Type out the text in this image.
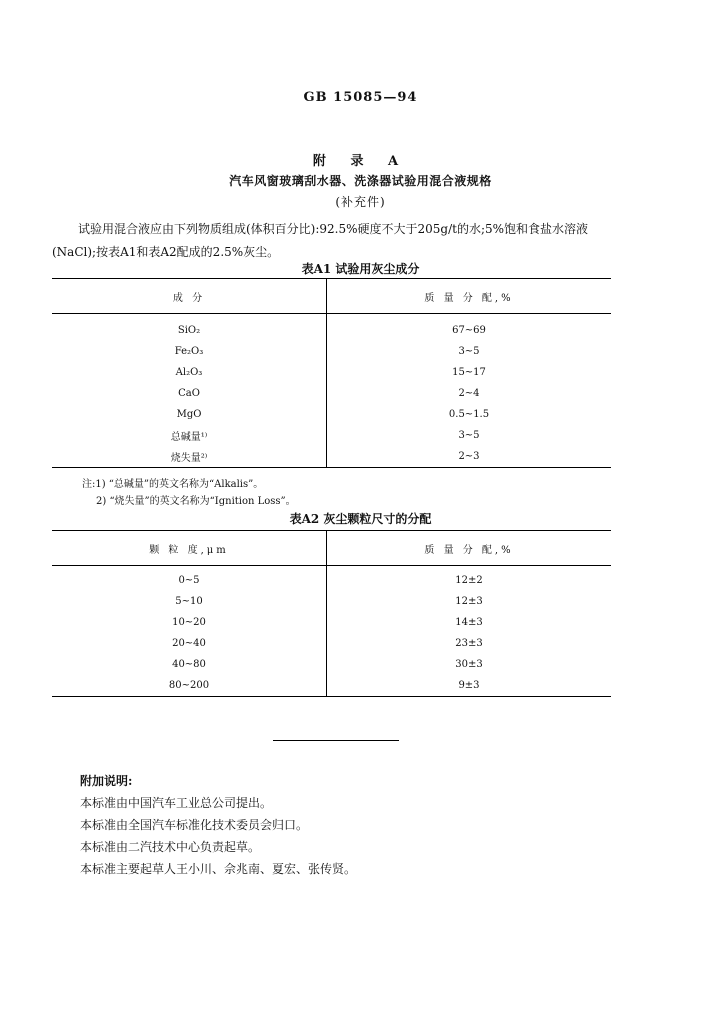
GB 15085—94
附 录 A
汽车风窗玻璃刮水器、洗涤器试验用混合液规格
(补充件)
试验用混合液应由下列物质组成(体积百分比):92.5%硬度不大于205g/t的水;5%饱和食盐水溶液(NaCl);按表A1和表A2配成的2.5%灰尘。
表A1 试验用灰尘成分
成 分	质 量 分 配,%

SiO₂	67~69
Fe₂O₃	3~5
Al₂O₃	15~17
CaO	2~4
MgO	0.5~1.5
总碱量¹⁾	3~5
烧失量²⁾	2~3
注:1) “总碱量”的英文名称为“Alkalis”。
2) “烧失量”的英文名称为“Ignition Loss”。
表A2 灰尘颗粒尺寸的分配
颗 粒 度,μm	质 量 分 配,%

0~5	12±2
5~10	12±3
10~20	14±3
20~40	23±3
40~80	30±3
80~200	9±3
附加说明:
本标准由中国汽车工业总公司提出。
本标准由全国汽车标准化技术委员会归口。
本标准由二汽技术中心负责起草。
本标准主要起草人王小川、佘兆南、夏宏、张传贤。
